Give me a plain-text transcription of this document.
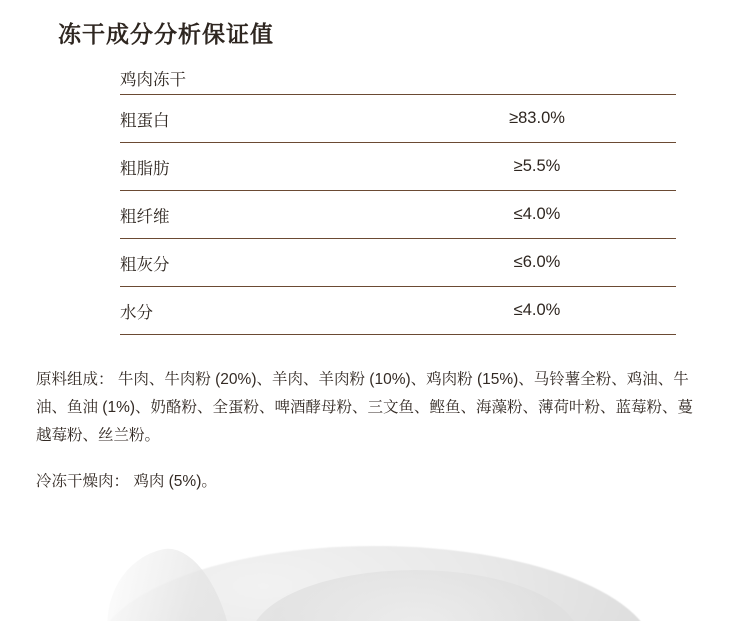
冻干成分分析保证值
鸡肉冻干	
粗蛋白	≥83.0%
粗脂肪	≥5.5%
粗纤维	≤4.0%
粗灰分	≤6.0%
水分	≤4.0%

原料组成： 牛肉、牛肉粉 (20%)、羊肉、羊肉粉 (10%)、鸡肉粉 (15%)、马铃薯全粉、鸡油、牛油、鱼油 (1%)、奶酪粉、全蛋粉、啤酒酵母粉、三文鱼、鲣鱼、海藻粉、薄荷叶粉、蓝莓粉、蔓越莓粉、丝兰粉。

冷冻干燥肉： 鸡肉 (5%)。
